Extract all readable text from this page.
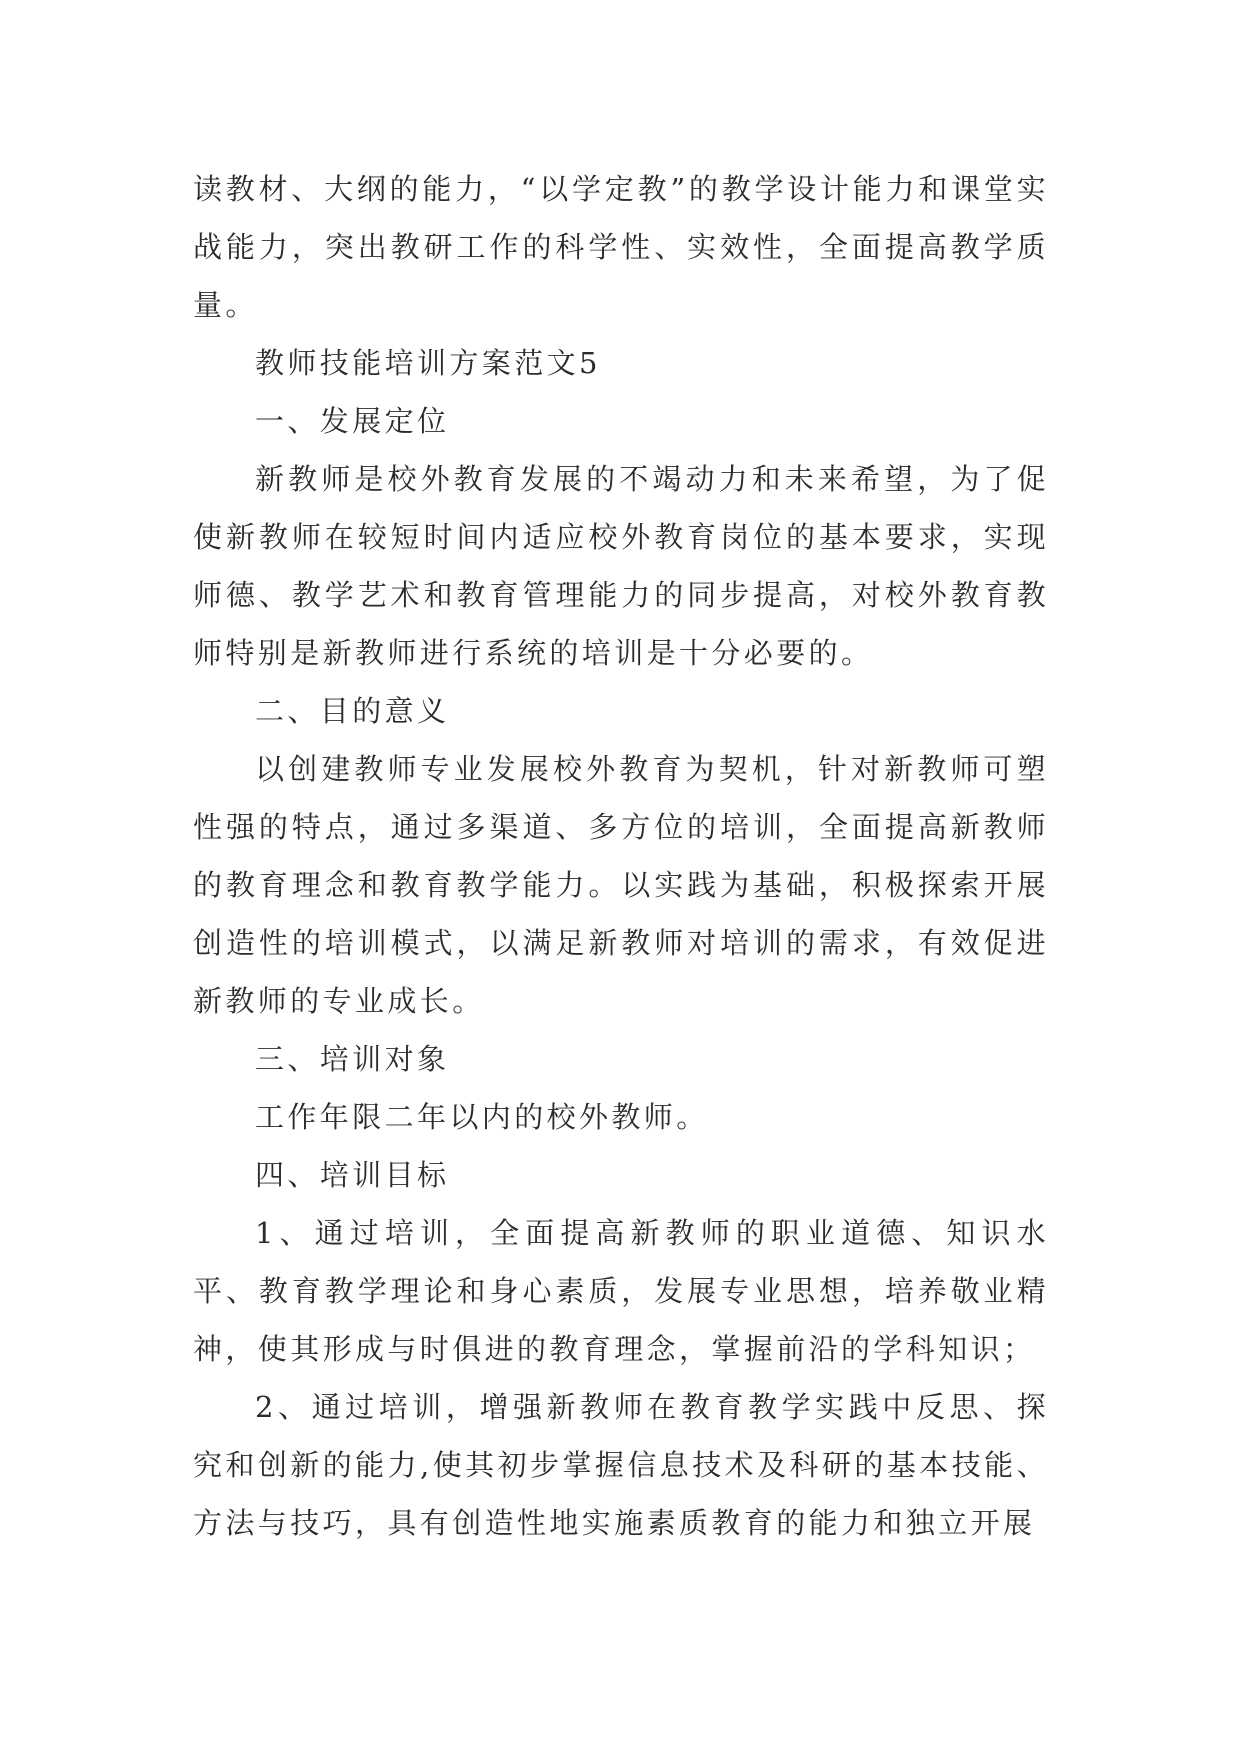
读教材、大纲的能力，“以学定教”的教学设计能力和课堂实战能力，突出教研工作的科学性、实效性，全面提高教学质量。

教师技能培训方案范文5

一、发展定位

新教师是校外教育发展的不竭动力和未来希望，为了促使新教师在较短时间内适应校外教育岗位的基本要求，实现师德、教学艺术和教育管理能力的同步提高，对校外教育教师特别是新教师进行系统的培训是十分必要的。

二、目的意义

以创建教师专业发展校外教育为契机，针对新教师可塑性强的特点，通过多渠道、多方位的培训，全面提高新教师的教育理念和教育教学能力。以实践为基础，积极探索开展创造性的培训模式，以满足新教师对培训的需求，有效促进新教师的专业成长。

三、培训对象

工作年限二年以内的校外教师。

四、培训目标

1、通过培训，全面提高新教师的职业道德、知识水平、教育教学理论和身心素质，发展专业思想，培养敬业精神，使其形成与时俱进的教育理念，掌握前沿的学科知识；

2、通过培训，增强新教师在教育教学实践中反思、探究和创新的能力,使其初步掌握信息技术及科研的基本技能、方法与技巧，具有创造性地实施素质教育的能力和独立开展
